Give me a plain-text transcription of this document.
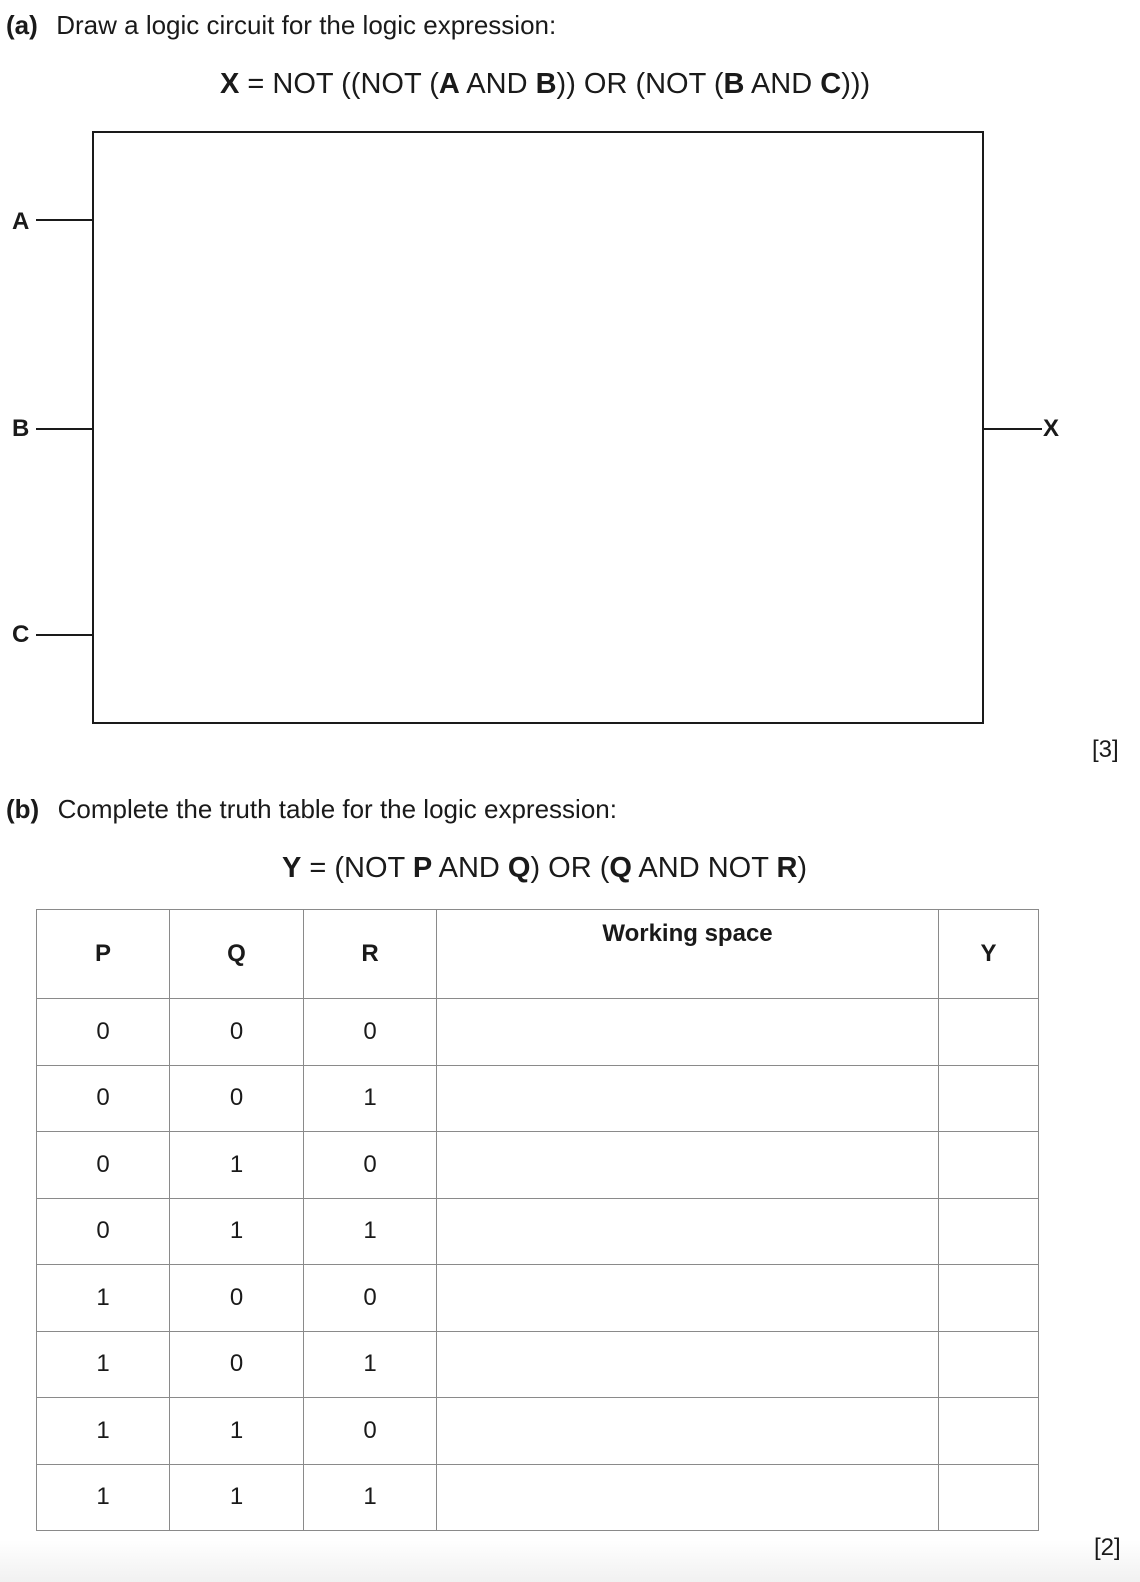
(a) Draw a logic circuit for the logic expression:
X = NOT ((NOT (A AND B)) OR (NOT (B AND C)))
A
B
C
X
[3]
(b) Complete the truth table for the logic expression:
Y = (NOT P AND Q) OR (Q AND NOT R)
P	Q	R	Working space	Y
0	0	0		
0	0	1		
0	1	0		
0	1	1		
1	0	0		
1	0	1		
1	1	0		
1	1	1		
[2]
